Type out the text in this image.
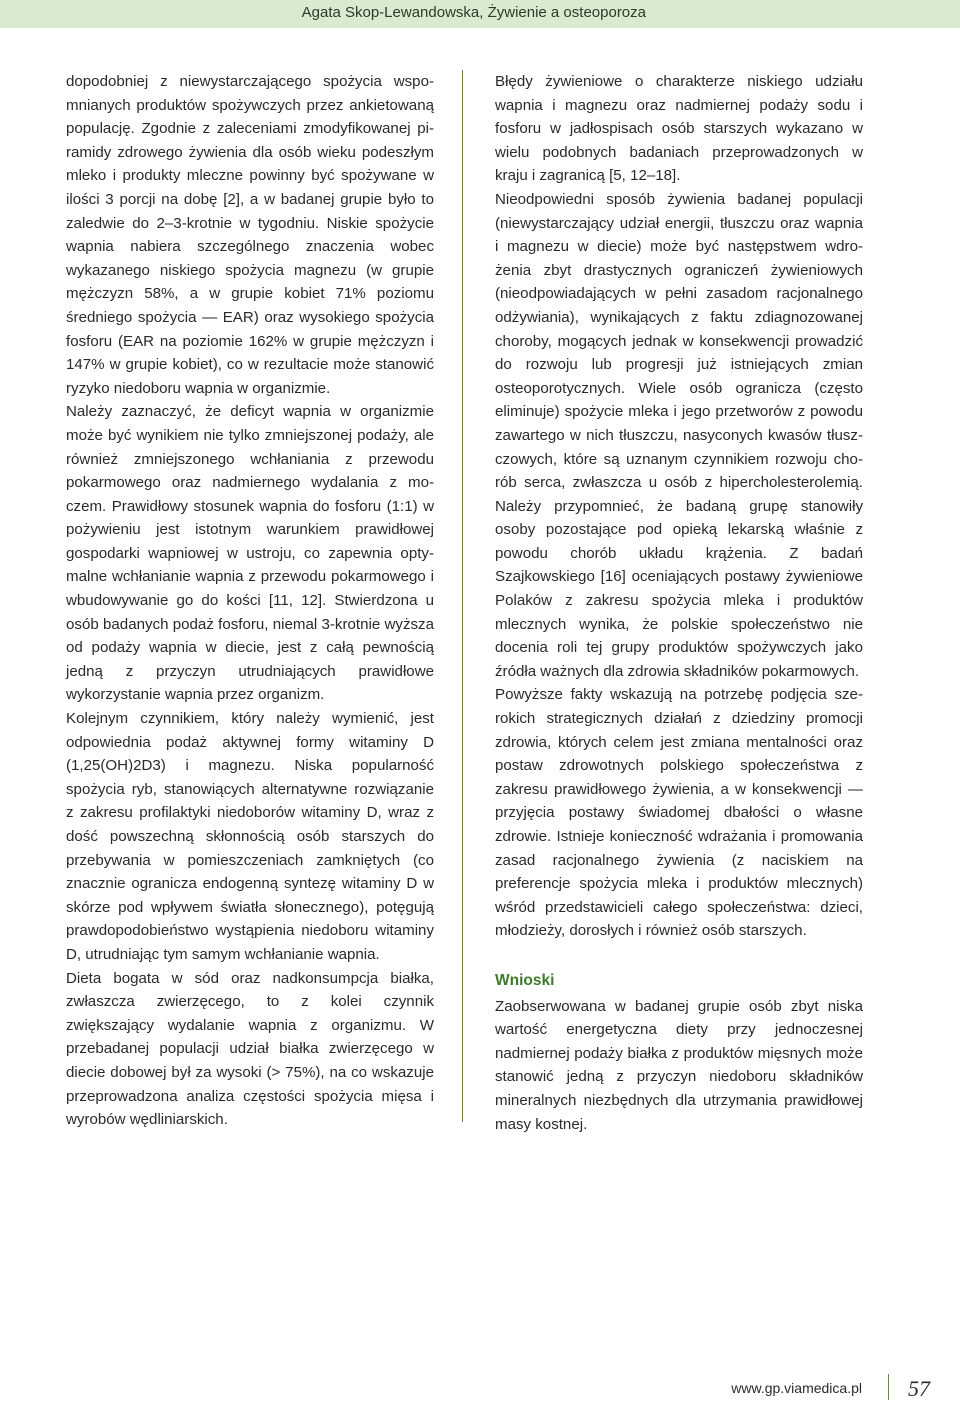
Agata Skop-Lewandowska, Żywienie a osteoporoza

dopodobniej z niewystarczającego spożycia wspomnianych produktów spożywczych przez ankietowaną populację. Zgodnie z zaleceniami zmodyfikowanej piramidy zdrowego żywienia dla osób wieku podeszłym mleko i produkty mleczne powinny być spożywane w ilości 3 porcji na dobę [2], a w badanej grupie było to zaledwie do 2–3-krotnie w tygodniu. Niskie spożycie wapnia nabiera szczególnego znaczenia wobec wykazanego niskiego spożycia magnezu (w grupie mężczyzn 58%, a w grupie kobiet 71% poziomu średniego spożycia — EAR) oraz wysokiego spożycia fosforu (EAR na poziomie 162% w grupie mężczyzn i 147% w grupie kobiet), co w rezultacie może stanowić ryzyko niedoboru wapnia w organizmie.

Należy zaznaczyć, że deficyt wapnia w organizmie może być wynikiem nie tylko zmniejszonej podaży, ale również zmniejszonego wchłaniania z przewodu pokarmowego oraz nadmiernego wydalania z moczem. Prawidłowy stosunek wapnia do fosforu (1:1) w pożywieniu jest istotnym warunkiem prawidłowej gospodarki wapniowej w ustroju, co zapewnia optymalne wchłanianie wapnia z przewodu pokarmowego i wbudowywanie go do kości [11, 12]. Stwierdzona u osób badanych podaż fosforu, niemal 3-krotnie wyższa od podaży wapnia w diecie, jest z całą pewnością jedną z przyczyn utrudniających prawidłowe wykorzystanie wapnia przez organizm.

Kolejnym czynnikiem, który należy wymienić, jest odpowiednia podaż aktywnej formy witaminy D (1,25(OH)2D3) i magnezu. Niska popularność spożycia ryb, stanowiących alternatywne rozwiązanie z zakresu profilaktyki niedoborów witaminy D, wraz z dość powszechną skłonnością osób starszych do przebywania w pomieszczeniach zamkniętych (co znacznie ogranicza endogenną syntezę witaminy D w skórze pod wpływem światła słonecznego), potęgują prawdopodobieństwo wystąpienia niedoboru witaminy D, utrudniając tym samym wchłanianie wapnia.

Dieta bogata w sód oraz nadkonsumpcja białka, zwłaszcza zwierzęcego, to z kolei czynnik zwiększający wydalanie wapnia z organizmu. W przebadanej populacji udział białka zwierzęcego w diecie dobowej był za wysoki (> 75%), na co wskazuje przeprowadzona analiza częstości spożycia mięsa i wyrobów wędliniarskich.

Błędy żywieniowe o charakterze niskiego udziału wapnia i magnezu oraz nadmiernej podaży sodu i fosforu w jadłospisach osób starszych wykazano w wielu podobnych badaniach przeprowadzonych w kraju i zagranicą [5, 12–18].

Nieodpowiedni sposób żywienia badanej populacji (niewystarczający udział energii, tłuszczu oraz wapnia i magnezu w diecie) może być następstwem wdrożenia zbyt drastycznych ograniczeń żywieniowych (nieodpowiadających w pełni zasadom racjonalnego odżywiania), wynikających z faktu zdiagnozowanej choroby, mogących jednak w konsekwencji prowadzić do rozwoju lub progresji już istniejących zmian osteoporotycznych. Wiele osób ogranicza (często eliminuje) spożycie mleka i jego przetworów z powodu zawartego w nich tłuszczu, nasyconych kwasów tłuszczowych, które są uznanym czynnikiem rozwoju chorób serca, zwłaszcza u osób z hipercholesterolemią. Należy przypomnieć, że badaną grupę stanowiły osoby pozostające pod opieką lekarską właśnie z powodu chorób układu krążenia. Z badań Szajkowskiego [16] oceniających postawy żywieniowe Polaków z zakresu spożycia mleka i produktów mlecznych wynika, że polskie społeczeństwo nie docenia roli tej grupy produktów spożywczych jako źródła ważnych dla zdrowia składników pokarmowych.

Powyższe fakty wskazują na potrzebę podjęcia szerokich strategicznych działań z dziedziny promocji zdrowia, których celem jest zmiana mentalności oraz postaw zdrowotnych polskiego społeczeństwa z zakresu prawidłowego żywienia, a w konsekwencji — przyjęcia postawy świadomej dbałości o własne zdrowie. Istnieje konieczność wdrażania i promowania zasad racjonalnego żywienia (z naciskiem na preferencje spożycia mleka i produktów mlecznych) wśród przedstawicieli całego społeczeństwa: dzieci, młodzieży, dorosłych i również osób starszych.

Wnioski

Zaobserwowana w badanej grupie osób zbyt niska wartość energetyczna diety przy jednoczesnej nadmiernej podaży białka z produktów mięsnych może stanowić jedną z przyczyn niedoboru składników mineralnych niezbędnych dla utrzymania prawidłowej masy kostnej.

www.gp.viamedica.pl 57
